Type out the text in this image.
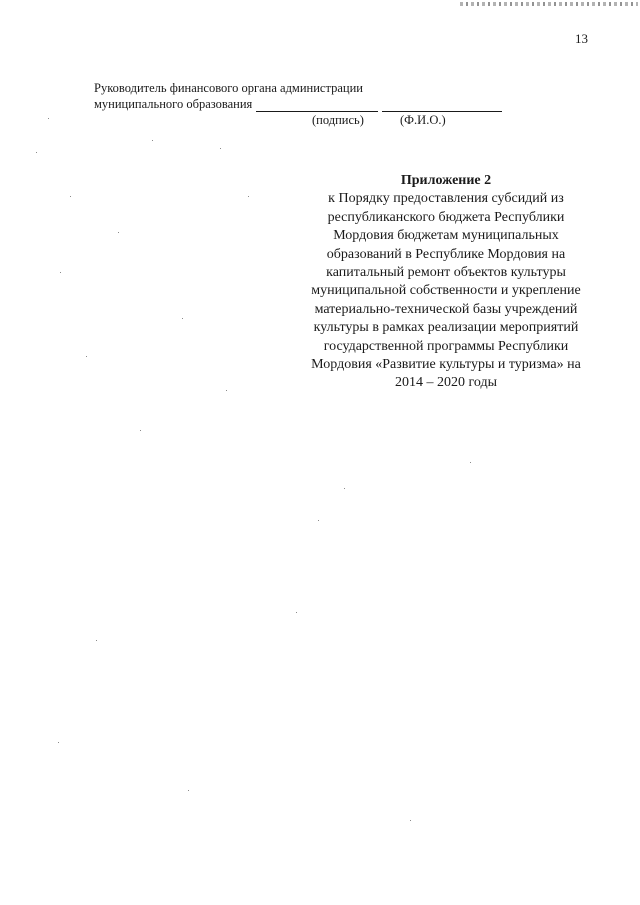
13
Руководитель финансового органа администрации
муниципального образования
(подпись)	(Ф.И.О.)
Приложение 2
к Порядку предоставления субсидий из
республиканского бюджета Республики
Мордовия бюджетам муниципальных
образований в Республике Мордовия на
капитальный ремонт объектов культуры
муниципальной собственности и укрепление
материально-технической базы учреждений
культуры в рамках реализации мероприятий
государственной программы Республики
Мордовия «Развитие культуры и туризма» на
2014 – 2020 годы
